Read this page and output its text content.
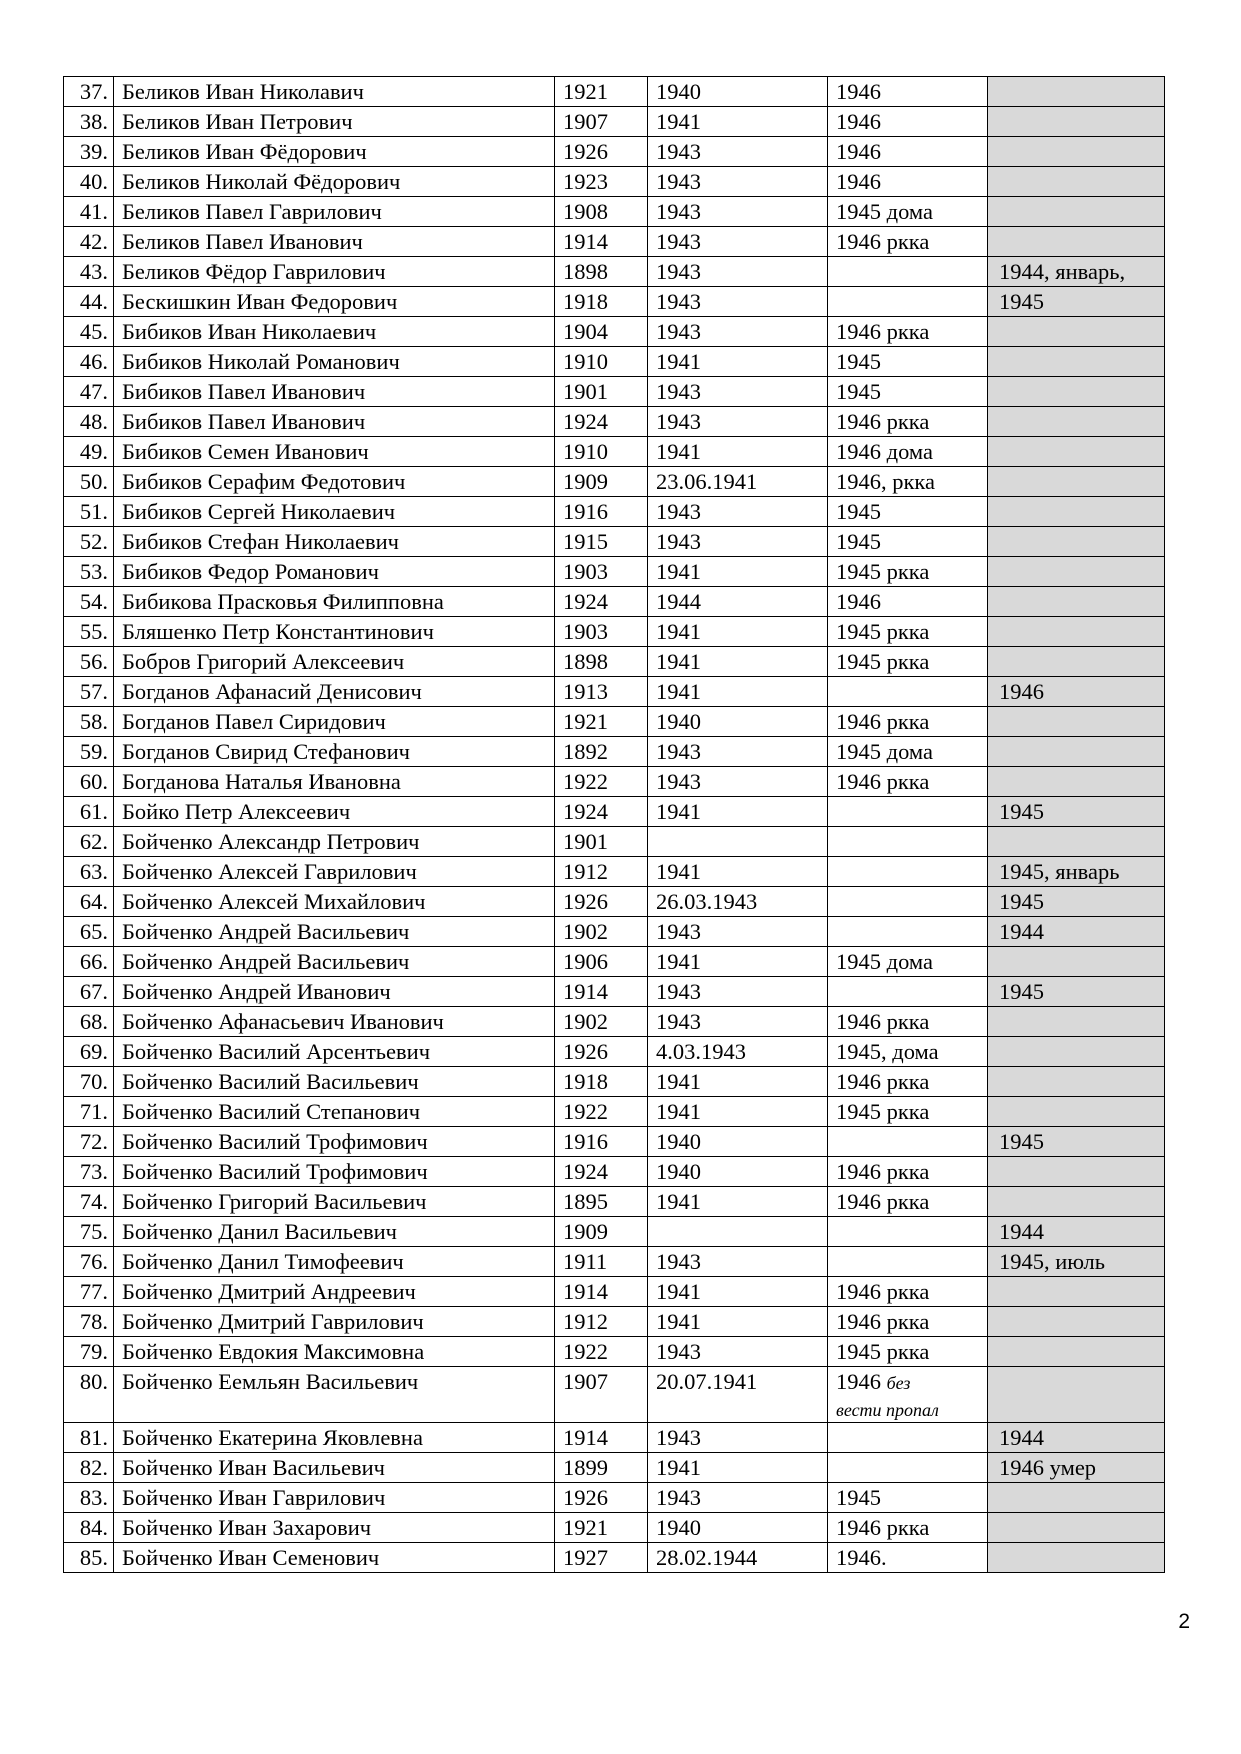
37.	Беликов Иван Николавич	1921	1940	1946	
38.	Беликов Иван Петрович	1907	1941	1946	
39.	Беликов Иван Фёдорович	1926	1943	1946	
40.	Беликов Николай Фёдорович	1923	1943	1946	
41.	Беликов Павел Гаврилович	1908	1943	1945 дома	
42.	Беликов Павел Иванович	1914	1943	1946 ркка	
43.	Беликов Фёдор Гаврилович	1898	1943		1944, январь,
44.	Бескишкин Иван Федорович	1918	1943		1945
45.	Бибиков Иван Николаевич	1904	1943	1946 ркка	
46.	Бибиков Николай Романович	1910	1941	1945	
47.	Бибиков Павел Иванович	1901	1943	1945	
48.	Бибиков Павел Иванович	1924	1943	1946 ркка	
49.	Бибиков Семен Иванович	1910	1941	1946 дома	
50.	Бибиков Серафим Федотович	1909	23.06.1941	1946, ркка	
51.	Бибиков Сергей Николаевич	1916	1943	1945	
52.	Бибиков Стефан Николаевич	1915	1943	1945	
53.	Бибиков Федор Романович	1903	1941	1945 ркка	
54.	Бибикова Прасковья Филипповна	1924	1944	1946	
55.	Бляшенко Петр Константинович	1903	1941	1945 ркка	
56.	Бобров Григорий Алексеевич	1898	1941	1945 ркка	
57.	Богданов Афанасий Денисович	1913	1941		1946
58.	Богданов Павел Сиридович	1921	1940	1946 ркка	
59.	Богданов Свирид Стефанович	1892	1943	1945 дома	
60.	Богданова Наталья Ивановна	1922	1943	1946 ркка	
61.	Бойко Петр Алексеевич	1924	1941		1945
62.	Бойченко Александр Петрович	1901			
63.	Бойченко Алексей Гаврилович	1912	1941		1945, январь
64.	Бойченко Алексей Михайлович	1926	26.03.1943		1945
65.	Бойченко Андрей Васильевич	1902	1943		1944
66.	Бойченко Андрей Васильевич	1906	1941	1945 дома	
67.	Бойченко Андрей Иванович	1914	1943		1945
68.	Бойченко Афанасьевич Иванович	1902	1943	1946 ркка	
69.	Бойченко Василий Арсентьевич	1926	4.03.1943	1945, дома	
70.	Бойченко Василий Васильевич	1918	1941	1946 ркка	
71.	Бойченко Василий Степанович	1922	1941	1945 ркка	
72.	Бойченко Василий Трофимович	1916	1940		1945
73.	Бойченко Василий Трофимович	1924	1940	1946 ркка	
74.	Бойченко Григорий Васильевич	1895	1941	1946 ркка	
75.	Бойченко Данил Васильевич	1909			1944
76.	Бойченко Данил Тимофеевич	1911	1943		1945, июль
77.	Бойченко Дмитрий Андреевич	1914	1941	1946 ркка	
78.	Бойченко Дмитрий Гаврилович	1912	1941	1946 ркка	
79.	Бойченко Евдокия Максимовна	1922	1943	1945 ркка	
80.	Бойченко Еемльян Васильевич	1907	20.07.1941	1946 без
вести пропал	

81.	Бойченко Екатерина Яковлевна	1914	1943		1944
82.	Бойченко Иван Васильевич	1899	1941		1946 умер
83.	Бойченко Иван Гаврилович	1926	1943	1945	
84.	Бойченко Иван Захарович	1921	1940	1946 ркка	
85.	Бойченко Иван Семенович	1927	28.02.1944	1946.	
2
